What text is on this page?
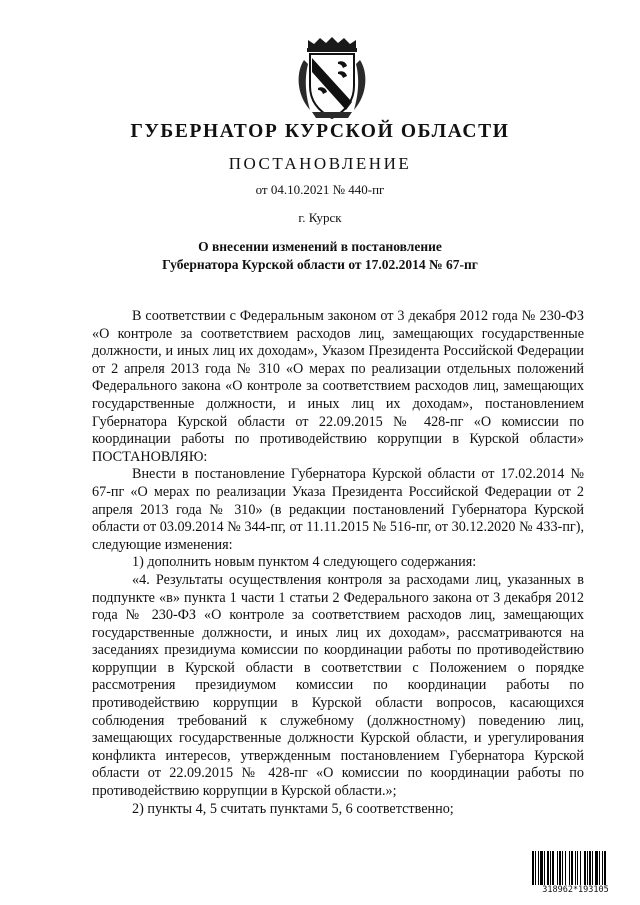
ГУБЕРНАТОР КУРСКОЙ ОБЛАСТИ
ПОСТАНОВЛЕНИЕ
от 04.10.2021 № 440-пг
г. Курск
О внесении изменений в постановление
Губернатора Курской области от 17.02.2014 № 67-пг

В соответствии с Федеральным законом от 3 декабря 2012 года № 230-ФЗ «О контроле за соответствием расходов лиц, замещающих государственные должности, и иных лиц их доходам», Указом Президента Российской Федерации от 2 апреля 2013 года № 310 «О мерах по реализации отдельных положений Федерального закона «О контроле за соответствием расходов лиц, замещающих государственные должности, и иных лиц их доходам», постановлением Губернатора Курской области от 22.09.2015 № 428-пг «О комиссии по координации работы по противодействию коррупции в Курской области» ПОСТАНОВЛЯЮ:

Внести в постановление Губернатора Курской области от 17.02.2014 № 67-пг «О мерах по реализации Указа Президента Российской Федерации от 2 апреля 2013 года № 310» (в редакции постановлений Губернатора Курской области от 03.09.2014 № 344-пг, от 11.11.2015 № 516-пг, от 30.12.2020 № 433-пг), следующие изменения:

1) дополнить новым пунктом 4 следующего содержания:

«4. Результаты осуществления контроля за расходами лиц, указанных в подпункте «в» пункта 1 части 1 статьи 2 Федерального закона от 3 декабря 2012 года № 230-ФЗ «О контроле за соответствием расходов лиц, замещающих государственные должности, и иных лиц их доходам», рассматриваются на заседаниях президиума комиссии по координации работы по противодействию коррупции в Курской области в соответствии с Положением о порядке рассмотрения президиумом комиссии по координации работы по противодействию коррупции в Курской области вопросов, касающихся соблюдения требований к служебному (должностному) поведению лиц, замещающих государственные должности Курской области, и урегулирования конфликта интересов, утвержденным постановлением Губернатора Курской области от 22.09.2015 № 428-пг «О комиссии по координации работы по противодействию коррупции в Курской области.»;

2) пункты 4, 5 считать пунктами 5, 6 соответственно;

318962*193105
